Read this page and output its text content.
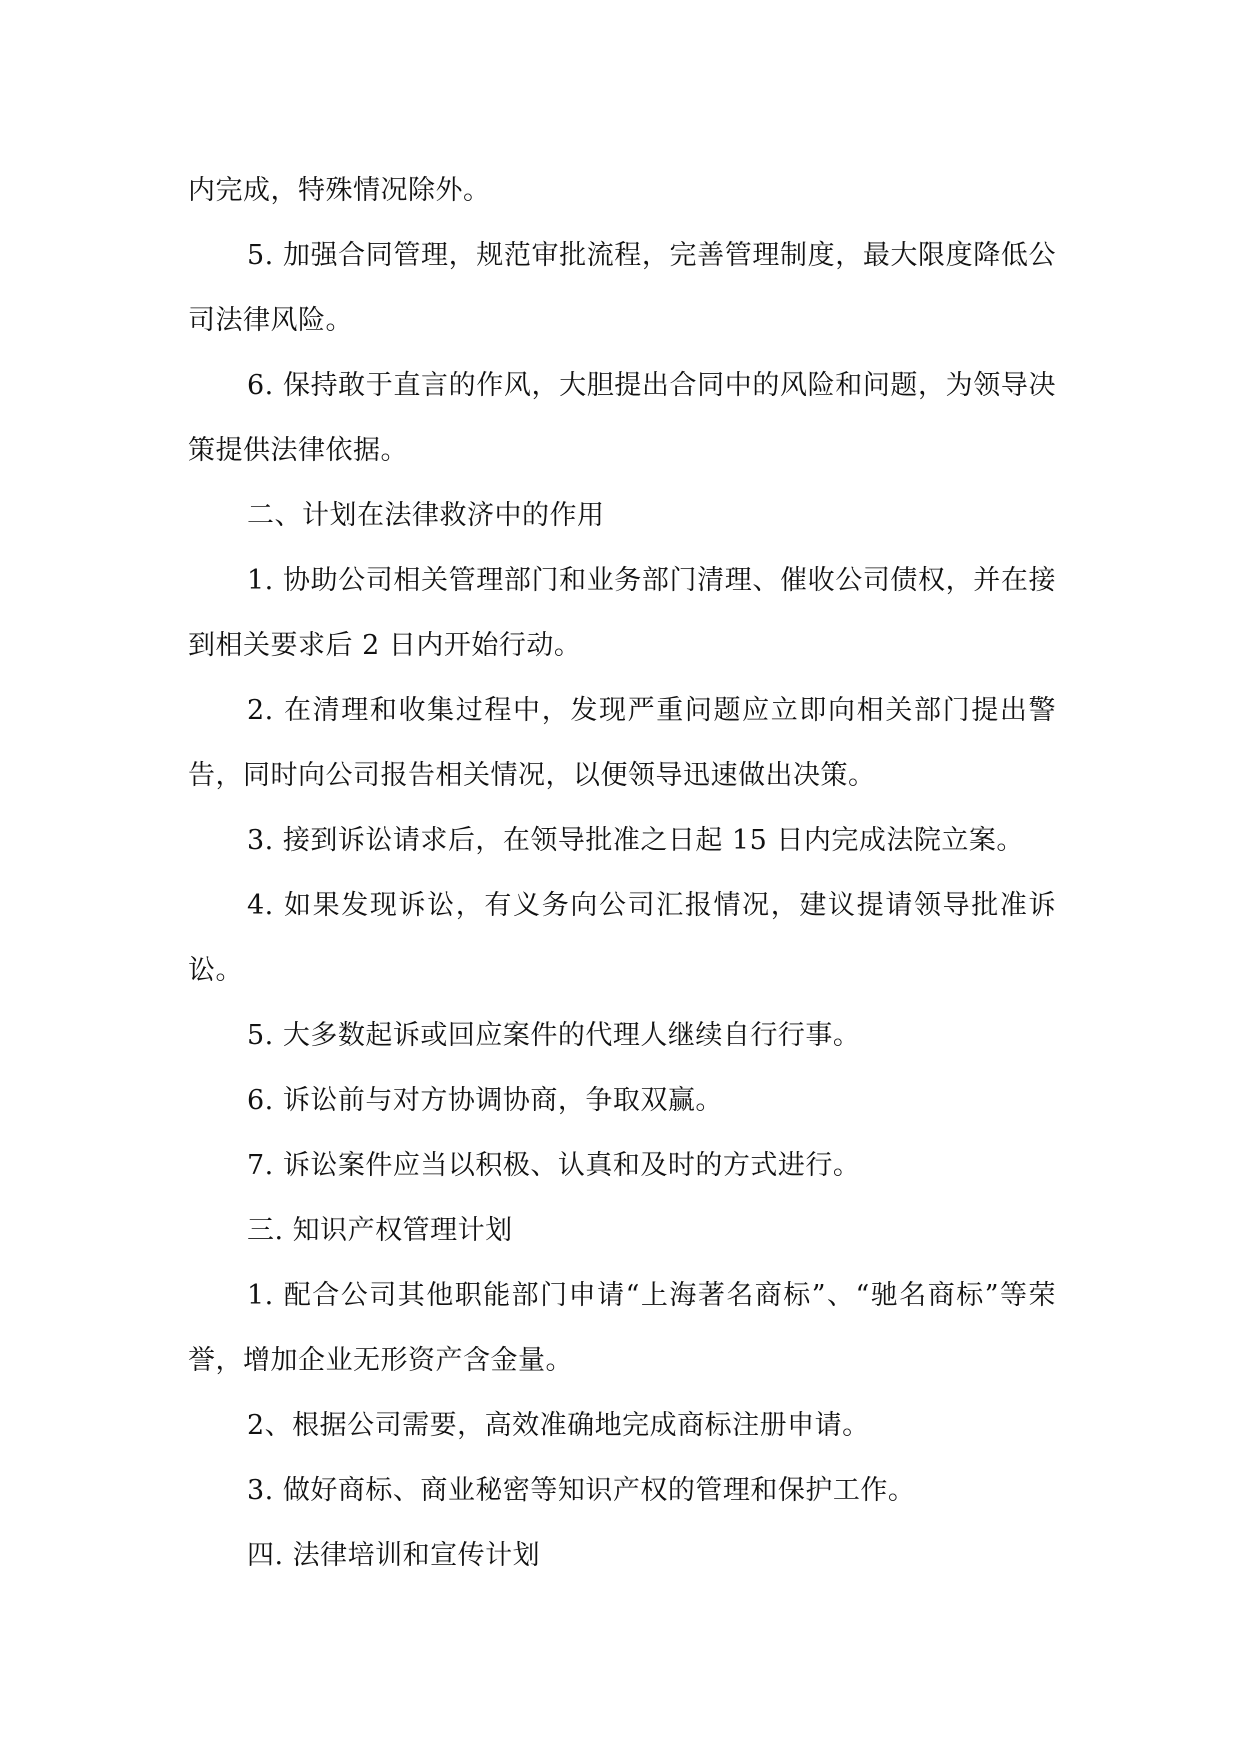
内完成，特殊情况除外。

5. 加强合同管理，规范审批流程，完善管理制度，最大限度降低公司法律风险。

6. 保持敢于直言的作风，大胆提出合同中的风险和问题，为领导决策提供法律依据。

二、计划在法律救济中的作用

1. 协助公司相关管理部门和业务部门清理、催收公司债权，并在接到相关要求后 2 日内开始行动。

2. 在清理和收集过程中，发现严重问题应立即向相关部门提出警告，同时向公司报告相关情况，以便领导迅速做出决策。

3. 接到诉讼请求后，在领导批准之日起 15 日内完成法院立案。

4. 如果发现诉讼，有义务向公司汇报情况，建议提请领导批准诉讼。

5. 大多数起诉或回应案件的代理人继续自行行事。

6. 诉讼前与对方协调协商，争取双赢。

7. 诉讼案件应当以积极、认真和及时的方式进行。

三. 知识产权管理计划

1. 配合公司其他职能部门申请“上海著名商标”、“驰名商标”等荣誉，增加企业无形资产含金量。

2、根据公司需要，高效准确地完成商标注册申请。

3. 做好商标、商业秘密等知识产权的管理和保护工作。

四. 法律培训和宣传计划
